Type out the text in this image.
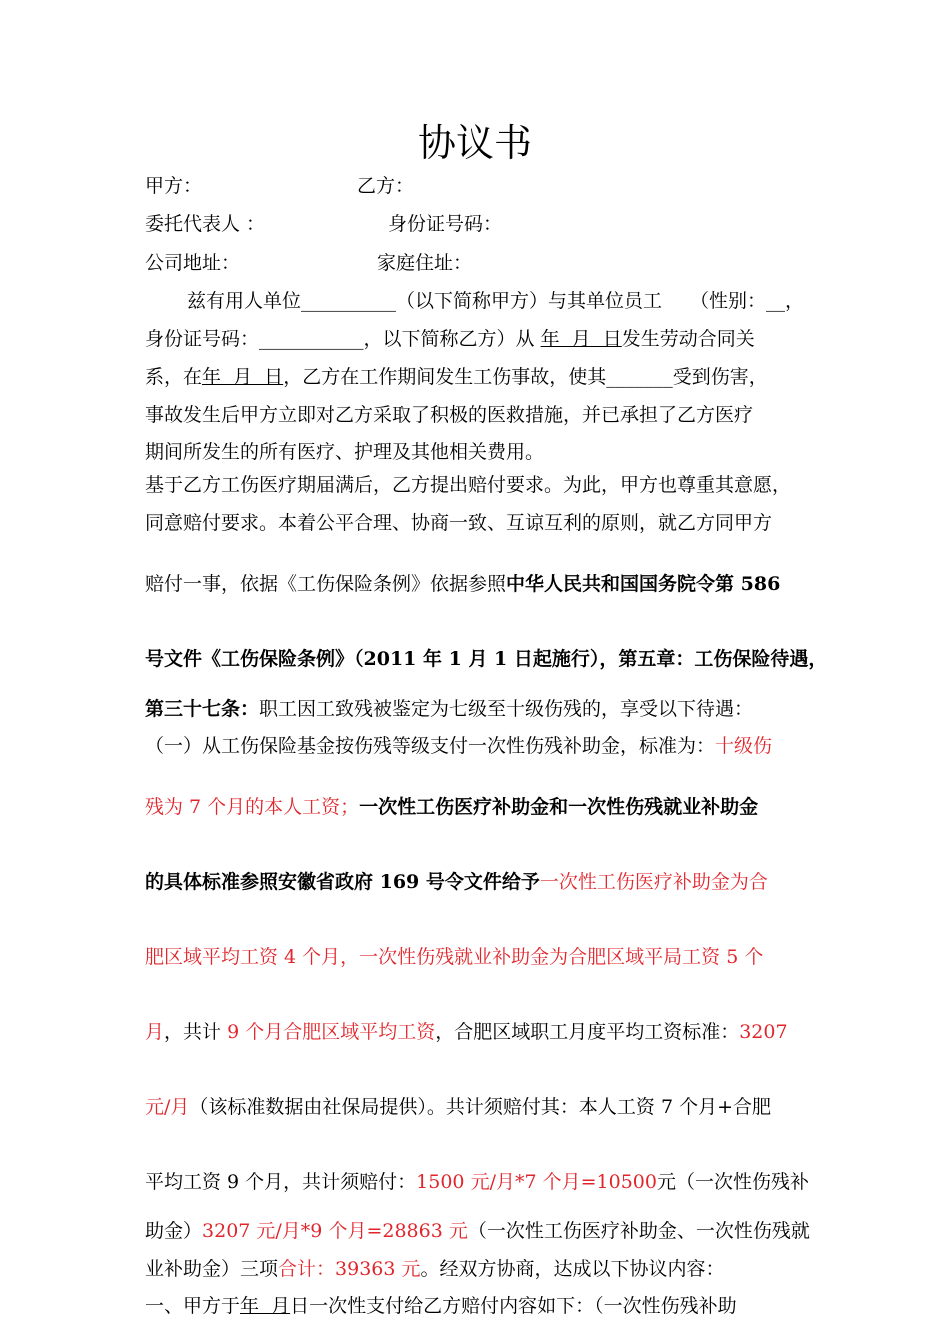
协议书
甲方：	乙方：
委托代表人 ：	身份证号码：
公司地址：	家庭住址：
兹有用人单位__________（以下简称甲方）与其单位员工 （性别：__，
身份证号码：___________，以下简称乙方）从 年  月  日发生劳动合同关
系，在年  月  日，乙方在工作期间发生工伤事故，使其_______受到伤害，
事故发生后甲方立即对乙方采取了积极的医救措施，并已承担了乙方医疗
期间所发生的所有医疗、护理及其他相关费用。
基于乙方工伤医疗期届满后，乙方提出赔付要求。为此，甲方也尊重其意愿，
同意赔付要求。本着公平合理、协商一致、互谅互利的原则，就乙方同甲方
赔付一事，依据《工伤保险条例》依据参照中华人民共和国国务院令第 586
号文件《工伤保险条例》（2011 年 1 月 1 日起施行），第五章：工伤保险待遇，
第三十七条：职工因工致残被鉴定为七级至十级伤残的，享受以下待遇：
（一）从工伤保险基金按伤残等级支付一次性伤残补助金，标准为：十级伤
残为 7 个月的本人工资；一次性工伤医疗补助金和一次性伤残就业补助金
的具体标准参照安徽省政府 169 号令文件给予一次性工伤医疗补助金为合
肥区域平均工资 4 个月，一次性伤残就业补助金为合肥区域平局工资 5 个
月，共计 9 个月合肥区域平均工资，合肥区域职工月度平均工资标准：3207
元/月（该标准数据由社保局提供）。共计须赔付其：本人工资 7 个月+合肥
平均工资 9 个月，共计须赔付：1500 元/月*7 个月=10500元（一次性伤残补
助金）3207 元/月*9 个月=28863 元（一次性工伤医疗补助金、一次性伤残就
业补助金）三项合计：39363 元。经双方协商，达成以下协议内容：
一、甲方于年  月日一次性支付给乙方赔付内容如下：（一次性伤残补助
